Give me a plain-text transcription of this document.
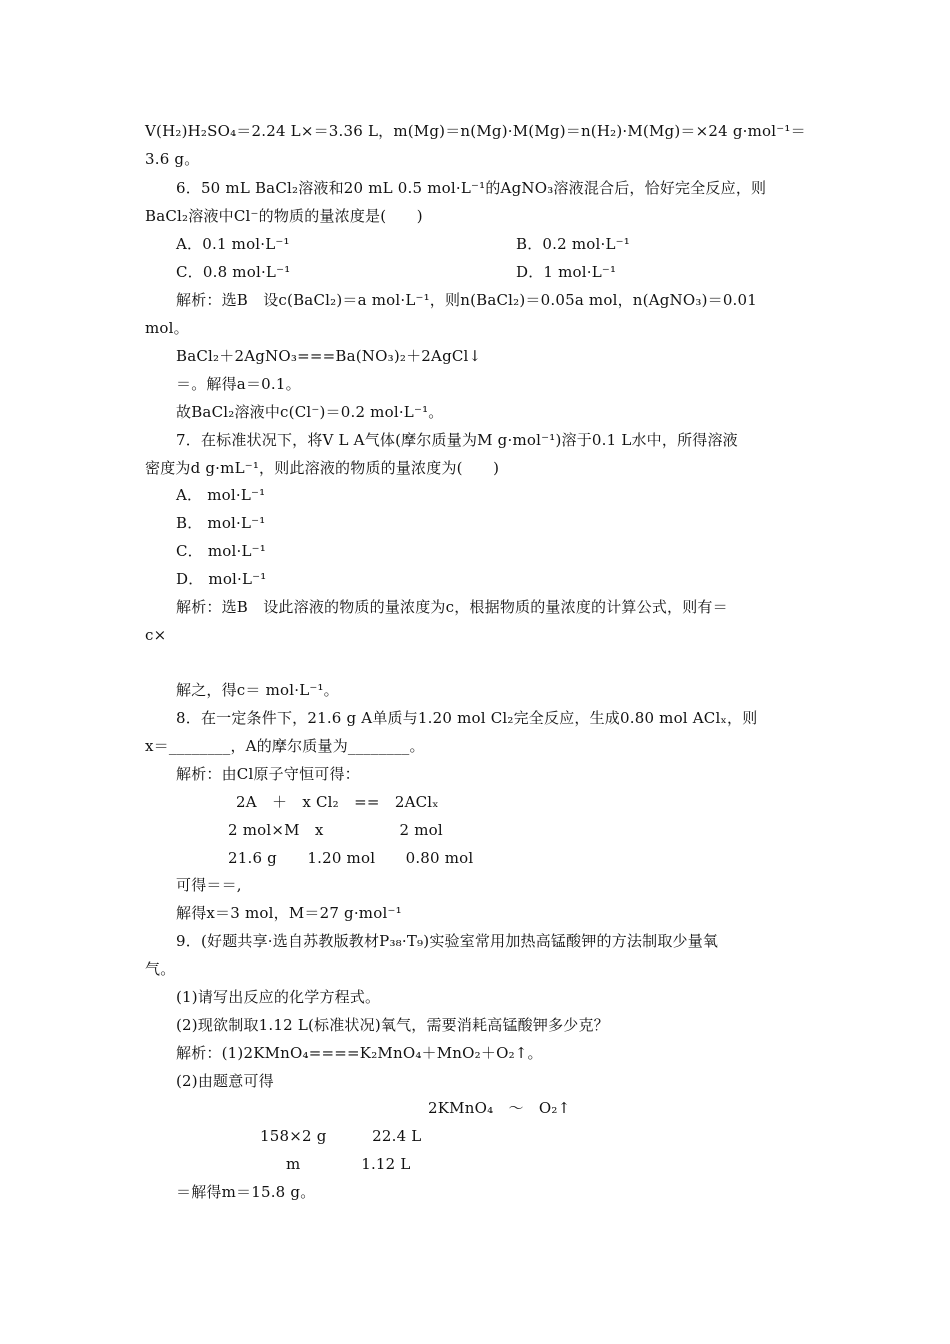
V(H₂)H₂SO₄＝2.24 L×＝3.36 L，m(Mg)＝n(Mg)·M(Mg)＝n(H₂)·M(Mg)＝×24 g·mol⁻¹＝
3.6 g。
6．50 mL BaCl₂溶液和20 mL 0.5 mol·L⁻¹的AgNO₃溶液混合后，恰好完全反应，则
BaCl₂溶液中Cl⁻的物质的量浓度是(　　)
A．0.1 mol·L⁻¹	B．0.2 mol·L⁻¹
C．0.8 mol·L⁻¹	D．1 mol·L⁻¹
解析：选B　设c(BaCl₂)＝a mol·L⁻¹，则n(BaCl₂)＝0.05a mol，n(AgNO₃)＝0.01
mol。
BaCl₂＋2AgNO₃===Ba(NO₃)₂＋2AgCl↓
＝。解得a＝0.1。
故BaCl₂溶液中c(Cl⁻)＝0.2 mol·L⁻¹。
7．在标准状况下，将V L A气体(摩尔质量为M g·mol⁻¹)溶于0.1 L水中，所得溶液
密度为d g·mL⁻¹，则此溶液的物质的量浓度为(　　)
A． mol·L⁻¹
B． mol·L⁻¹
C． mol·L⁻¹
D． mol·L⁻¹
解析：选B　设此溶液的物质的量浓度为c，根据物质的量浓度的计算公式，则有＝
c×
解之，得c＝ mol·L⁻¹。
8．在一定条件下，21.6 g A单质与1.20 mol Cl₂完全反应，生成0.80 mol AClₓ，则
x＝________，A的摩尔质量为________。
解析：由Cl原子守恒可得：
2A　＋　x Cl₂　==　2AClₓ
2 mol×M　x　　　　　2 mol
21.6 g　　1.20 mol　　0.80 mol
可得＝＝,
解得x＝3 mol，M＝27 g·mol⁻¹
9．(好题共享·选自苏教版教材P₃₈·T₉)实验室常用加热高锰酸钾的方法制取少量氧
气。
(1)请写出反应的化学方程式。
(2)现欲制取1.12 L(标准状况)氧气，需要消耗高锰酸钾多少克？
解析：(1)2KMnO₄====K₂MnO₄＋MnO₂＋O₂↑。
(2)由题意可得
2KMnO₄　～　O₂↑
158×2 g　　　22.4 L
m　　　　1.12 L
＝解得m＝15.8 g。
